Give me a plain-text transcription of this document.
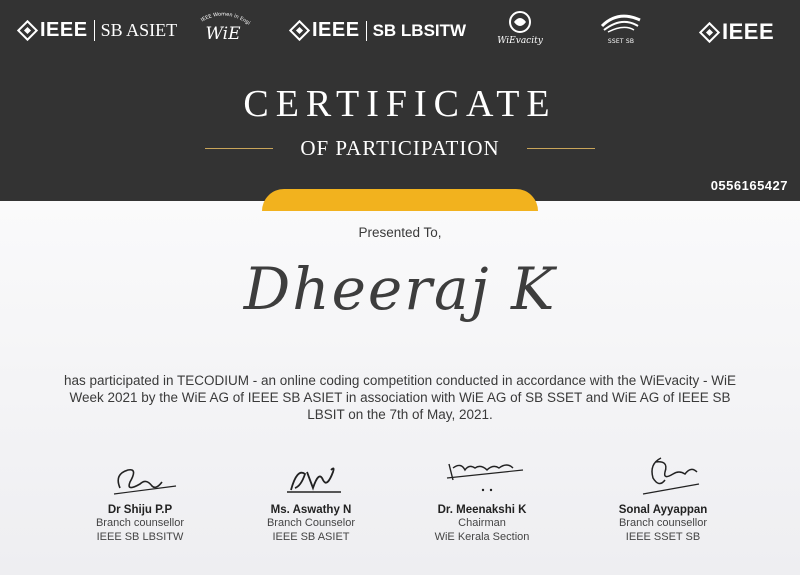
IEEE SB ASIET	IEEE Women in Engi
WiE	IEEE SB LBSITW
WiEvacity	SSET SB	IEEE
CERTIFICATE
OF PARTICIPATION
0556165427
Presented To,
Dheeraj K
has participated in TECODIUM - an online coding competition conducted in accordance with the WiEvacity - WiE Week 2021 by the WiE AG of IEEE SB ASIET in association with WiE AG of SB SSET and WiE AG of IEEE SB LBSIT on the 7th of May, 2021.
Dr Shiju P.P
Branch counsellor
IEEE SB LBSITW
Ms. Aswathy N
Branch Counselor
IEEE SB ASIET
Dr. Meenakshi K
Chairman
WiE Kerala Section
Sonal Ayyappan
Branch counsellor
IEEE SSET SB
